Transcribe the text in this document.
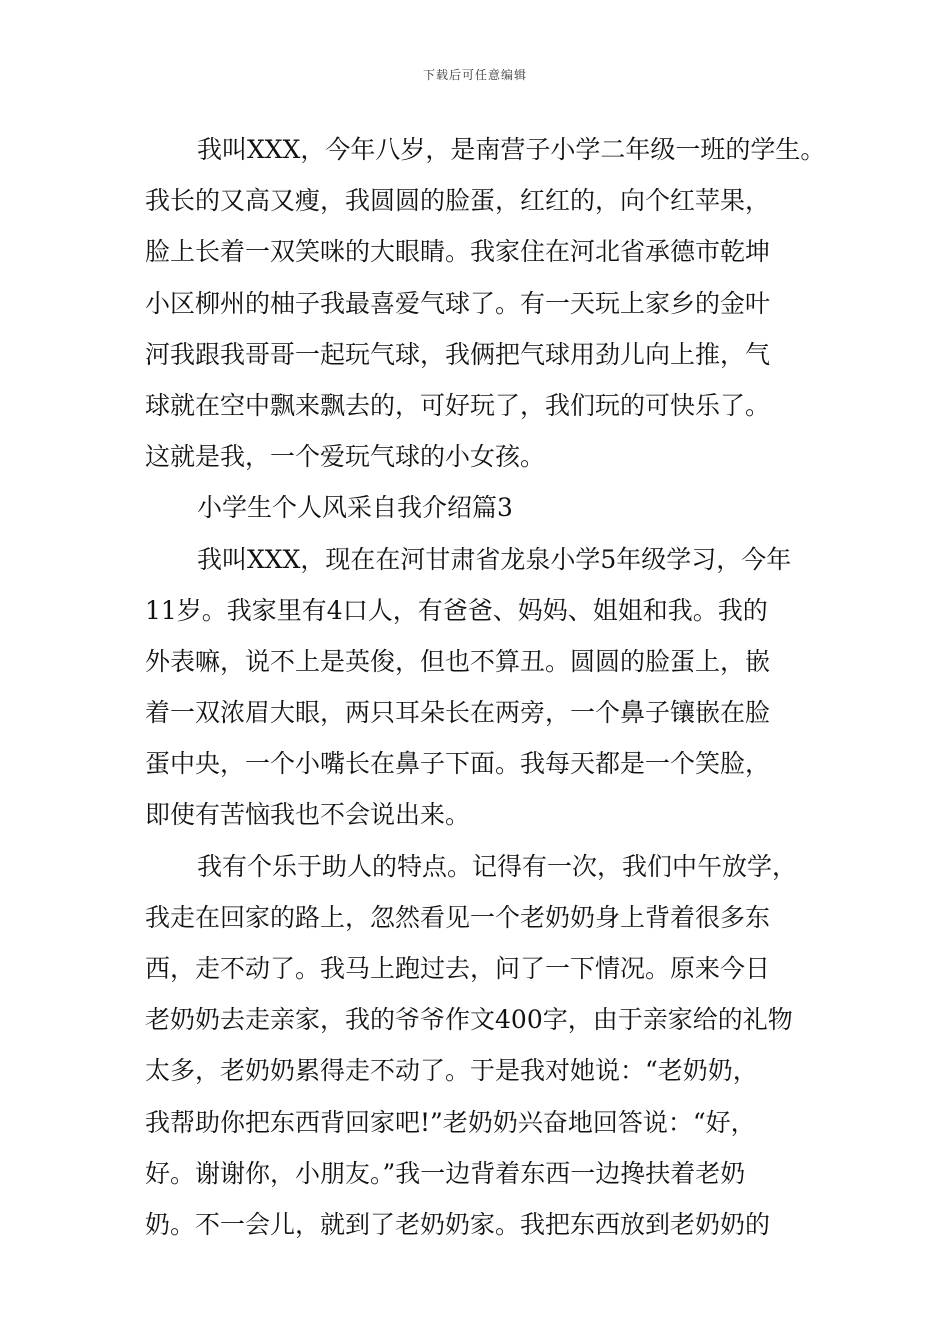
下载后可任意编辑
我叫XXX，今年八岁，是南营子小学二年级一班的学生。
我长的又高又瘦，我圆圆的脸蛋，红红的，向个红苹果，
脸上长着一双笑咪的大眼睛。我家住在河北省承德市乾坤
小区柳州的柚子我最喜爱气球了。有一天玩上家乡的金叶
河我跟我哥哥一起玩气球，我俩把气球用劲儿向上推，气
球就在空中飘来飘去的，可好玩了，我们玩的可快乐了。
这就是我，一个爱玩气球的小女孩。
小学生个人风采自我介绍篇3
我叫XXX，现在在河甘肃省龙泉小学5年级学习，今年
11岁。我家里有4口人，有爸爸、妈妈、姐姐和我。我的
外表嘛，说不上是英俊，但也不算丑。圆圆的脸蛋上，嵌
着一双浓眉大眼，两只耳朵长在两旁，一个鼻子镶嵌在脸
蛋中央，一个小嘴长在鼻子下面。我每天都是一个笑脸，
即使有苦恼我也不会说出来。
我有个乐于助人的特点。记得有一次，我们中午放学，
我走在回家的路上，忽然看见一个老奶奶身上背着很多东
西，走不动了。我马上跑过去，问了一下情况。原来今日
老奶奶去走亲家，我的爷爷作文400字，由于亲家给的礼物
太多，老奶奶累得走不动了。于是我对她说：“老奶奶，
我帮助你把东西背回家吧!”老奶奶兴奋地回答说：“好，
好。谢谢你，小朋友。”我一边背着东西一边搀扶着老奶
奶。不一会儿，就到了老奶奶家。我把东西放到老奶奶的
